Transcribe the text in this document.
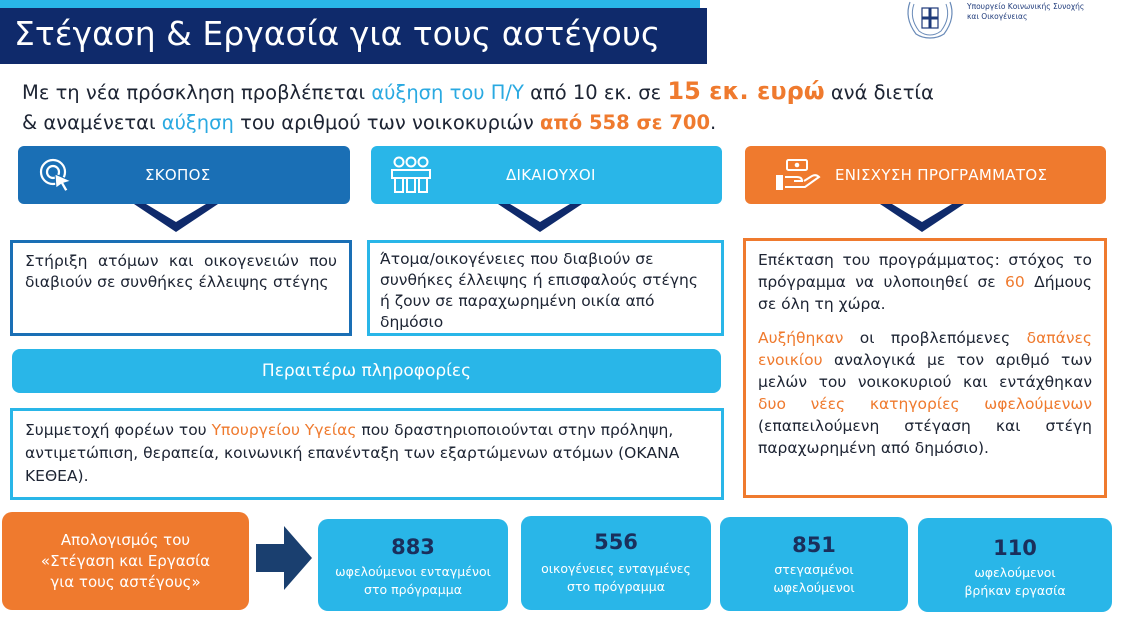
Στέγαση & Εργασία για τους αστέγους
Υπουργείο Κοινωνικής Συνοχής
και Οικογένειας
Με τη νέα πρόσκληση προβλέπεται αύξηση του Π/Υ από 10 εκ. σε 15 εκ. ευρώ ανά διετία
& αναμένεται αύξηση του αριθμού των νοικοκυριών από 558 σε 700.
ΣΚΟΠΟΣ	ΔΙΚΑΙΟΥΧΟΙ	ΕΝΙΣΧΥΣΗ ΠΡΟΓΡΑΜΜΑΤΟΣ
Στήριξη ατόμων και οικογενειών που διαβιούν σε συνθήκες έλλειψης στέγης
Άτομα/οικογένειες που διαβιούν σε συνθήκες έλλειψης ή επισφαλούς στέγης ή ζουν σε παραχωρημένη οικία από δημόσιο
Επέκταση του προγράμματος: στόχος το πρόγραμμα να υλοποιηθεί σε 60 Δήμους σε όλη τη χώρα.
Αυξήθηκαν οι προβλεπόμενες δαπάνες ενοικίου αναλογικά με τον αριθμό των μελών του νοικοκυριού και εντάχθηκαν δυο νέες κατηγορίες ωφελούμενων (επαπειλούμενη στέγαση και στέγη παραχωρημένη από δημόσιο).
Περαιτέρω πληροφορίες
Συμμετοχή φορέων του Υπουργείου Υγείας που δραστηριοποιούνται στην πρόληψη, αντιμετώπιση, θεραπεία, κοινωνική επανένταξη των εξαρτώμενων ατόμων (ΟΚΑΝΑ ΚΕΘΕΑ).
Απολογισμός του
«Στέγαση και Εργασία
για τους αστέγους»
883
ωφελούμενοι ενταγμένοι
στο πρόγραμμα
556
οικογένειες ενταγμένες
στο πρόγραμμα
851
στεγασμένοι
ωφελούμενοι
110
ωφελούμενοι
βρήκαν εργασία
